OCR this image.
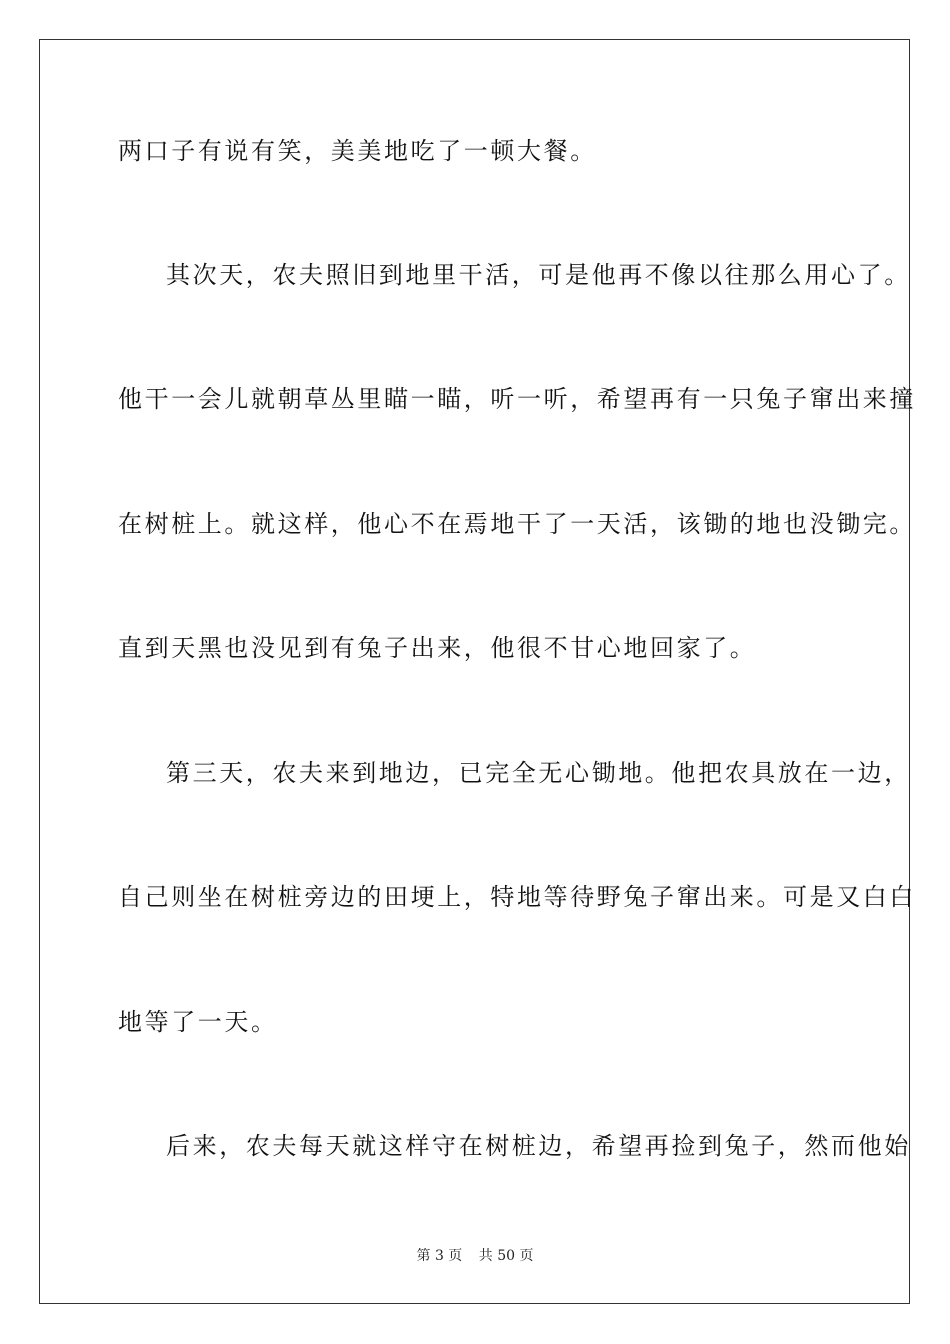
两口子有说有笑，美美地吃了一顿大餐。
其次天，农夫照旧到地里干活，可是他再不像以往那么用心了。
他干一会儿就朝草丛里瞄一瞄，听一听，希望再有一只兔子窜出来撞
在树桩上。就这样，他心不在焉地干了一天活，该锄的地也没锄完。
直到天黑也没见到有兔子出来，他很不甘心地回家了。
第三天，农夫来到地边，已完全无心锄地。他把农具放在一边，
自己则坐在树桩旁边的田埂上，特地等待野兔子窜出来。可是又白白
地等了一天。
后来，农夫每天就这样守在树桩边，希望再捡到兔子，然而他始
第 3 页 共 50 页
